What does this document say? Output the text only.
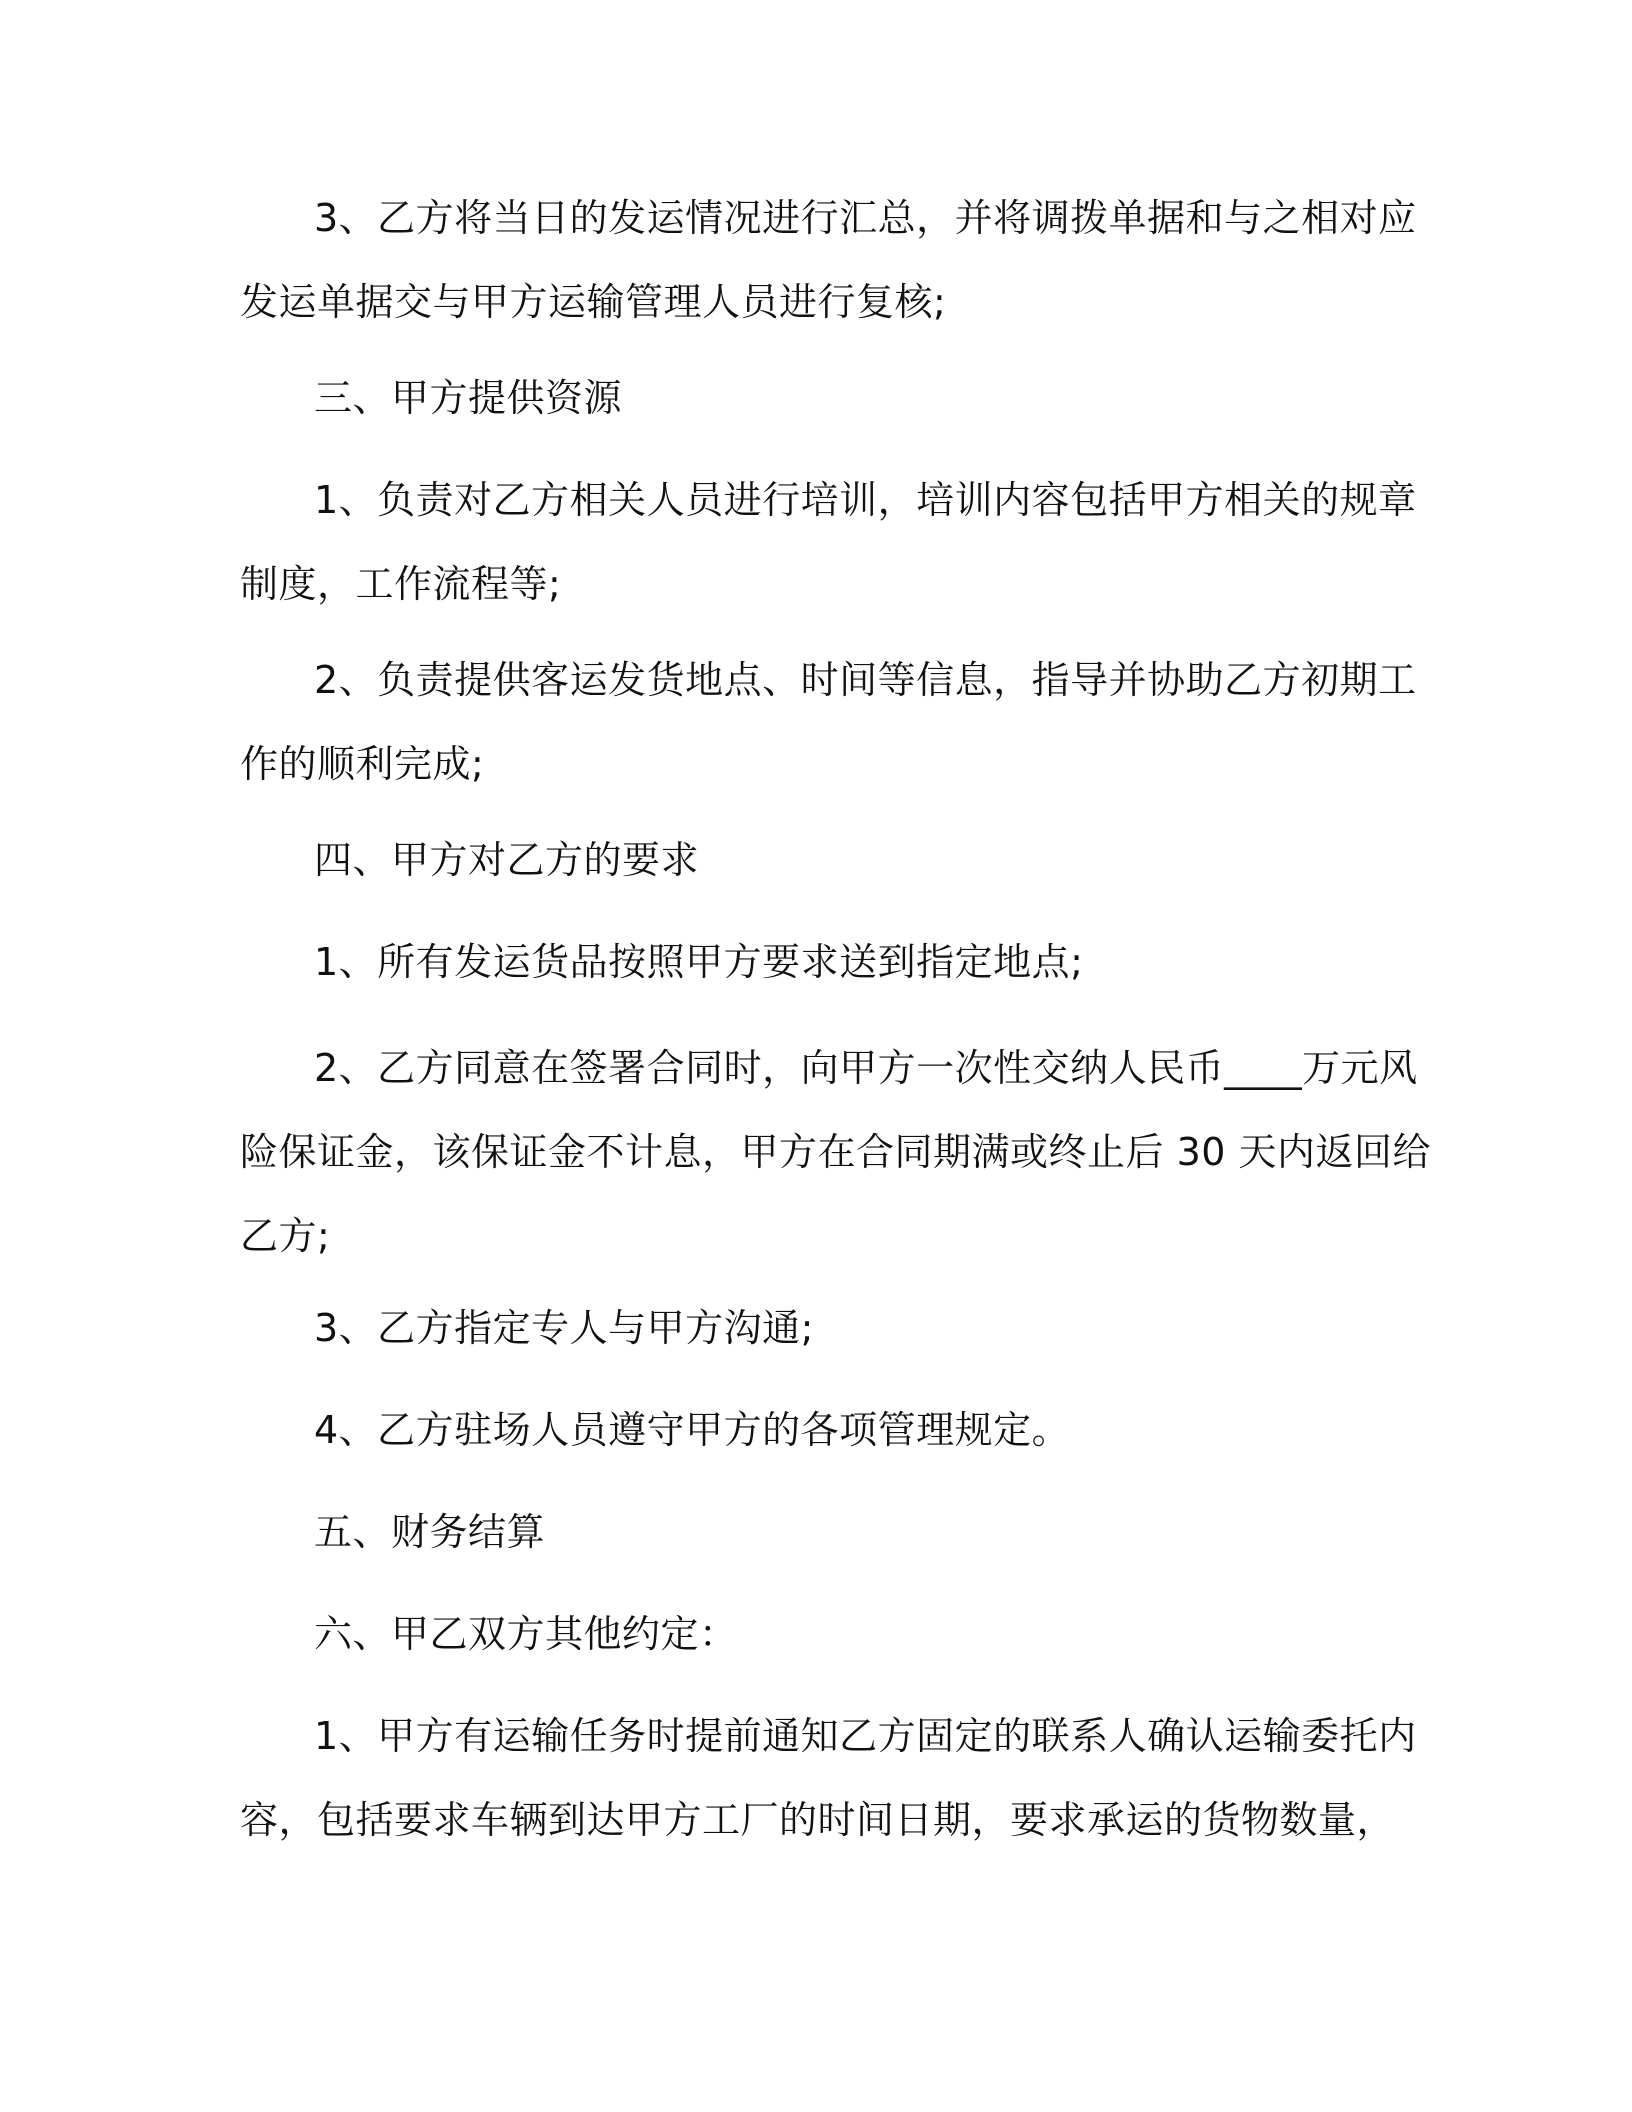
3、乙方将当日的发运情况进行汇总，并将调拨单据和与之相对应
发运单据交与甲方运输管理人员进行复核;
三、甲方提供资源
1、负责对乙方相关人员进行培训，培训内容包括甲方相关的规章
制度，工作流程等;
2、负责提供客运发货地点、时间等信息，指导并协助乙方初期工
作的顺利完成;
四、甲方对乙方的要求
1、所有发运货品按照甲方要求送到指定地点;
2、乙方同意在签署合同时，向甲方一次性交纳人民币____万元风
险保证金，该保证金不计息，甲方在合同期满或终止后 30 天内返回给
乙方;
3、乙方指定专人与甲方沟通;
4、乙方驻场人员遵守甲方的各项管理规定。
五、财务结算
六、甲乙双方其他约定：
1、甲方有运输任务时提前通知乙方固定的联系人确认运输委托内
容，包括要求车辆到达甲方工厂的时间日期，要求承运的货物数量，
